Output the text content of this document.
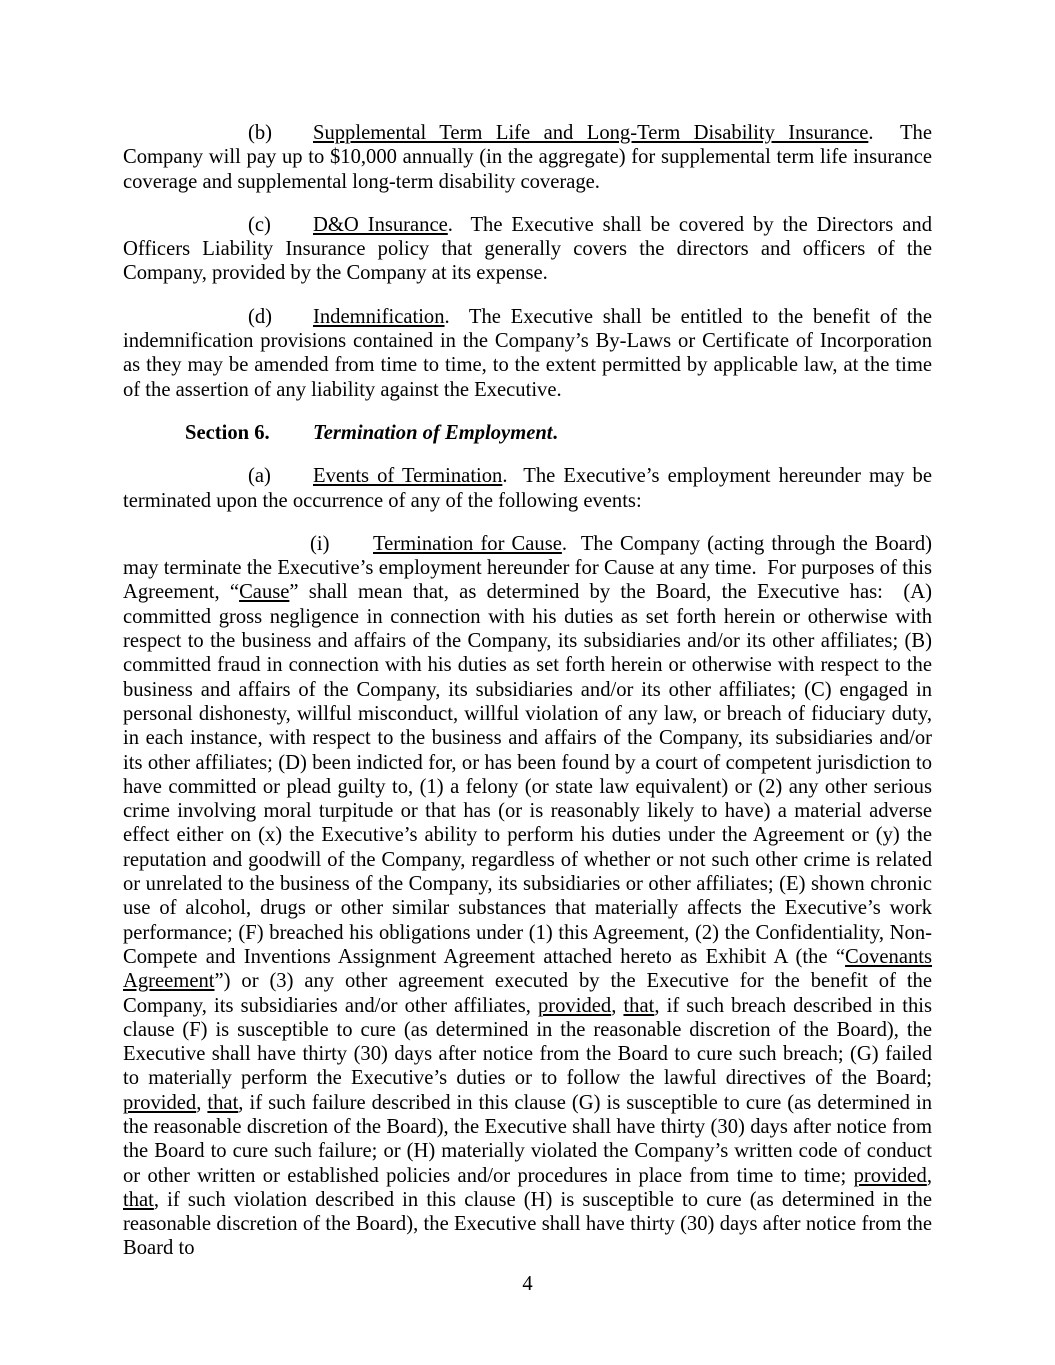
(b) Supplemental Term Life and Long-Term Disability Insurance.  The Company will pay up to $10,000 annually (in the aggregate) for supplemental term life insurance coverage and supplemental long-term disability coverage.

(c) D&O Insurance.  The Executive shall be covered by the Directors and Officers Liability Insurance policy that generally covers the directors and officers of the Company, provided by the Company at its expense.

(d) Indemnification.  The Executive shall be entitled to the benefit of the indemnification provisions contained in the Company’s By-Laws or Certificate of Incorporation as they may be amended from time to time, to the extent permitted by applicable law, at the time of the assertion of any liability against the Executive.

Section 6. Termination of Employment.

(a) Events of Termination.  The Executive’s employment hereunder may be terminated upon the occurrence of any of the following events:

(i) Termination for Cause.  The Company (acting through the Board) may terminate the Executive’s employment hereunder for Cause at any time.  For purposes of this Agreement, “Cause” shall mean that, as determined by the Board, the Executive has:  (A) committed gross negligence in connection with his duties as set forth herein or otherwise with respect to the business and affairs of the Company, its subsidiaries and/or its other affiliates; (B) committed fraud in connection with his duties as set forth herein or otherwise with respect to the business and affairs of the Company, its subsidiaries and/or its other affiliates; (C) engaged in personal dishonesty, willful misconduct, willful violation of any law, or breach of fiduciary duty, in each instance, with respect to the business and affairs of the Company, its subsidiaries and/or its other affiliates; (D) been indicted for, or has been found by a court of competent jurisdiction to have committed or plead guilty to, (1) a felony (or state law equivalent) or (2) any other serious crime involving moral turpitude or that has (or is reasonably likely to have) a material adverse effect either on (x) the Executive’s ability to perform his duties under the Agreement or (y) the reputation and goodwill of the Company, regardless of whether or not such other crime is related or unrelated to the business of the Company, its subsidiaries or other affiliates; (E) shown chronic use of alcohol, drugs or other similar substances that materially affects the Executive’s work performance; (F) breached his obligations under (1) this Agreement, (2) the Confidentiality, Non-Compete and Inventions Assignment Agreement attached hereto as Exhibit A (the “Covenants Agreement”) or (3) any other agreement executed by the Executive for the benefit of the Company, its subsidiaries and/or other affiliates, provided, that, if such breach described in this clause (F) is susceptible to cure (as determined in the reasonable discretion of the Board), the Executive shall have thirty (30) days after notice from the Board to cure such breach; (G) failed to materially perform the Executive’s duties or to follow the lawful directives of the Board; provided, that, if such failure described in this clause (G) is susceptible to cure (as determined in the reasonable discretion of the Board), the Executive shall have thirty (30) days after notice from the Board to cure such failure; or (H) materially violated the Company’s written code of conduct or other written or established policies and/or procedures in place from time to time; provided, that, if such violation described in this clause (H) is susceptible to cure (as determined in the reasonable discretion of the Board), the Executive shall have thirty (30) days after notice from the Board to

4
